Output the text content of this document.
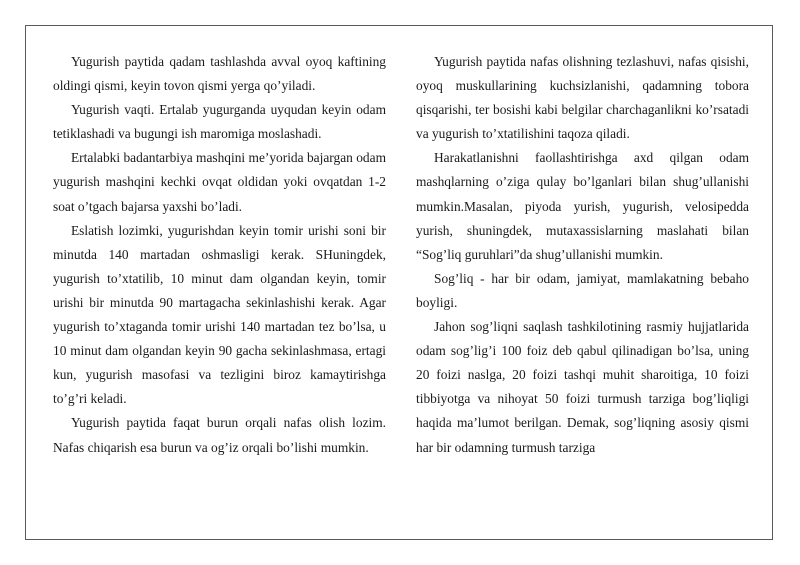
Yugurish paytida qadam tashlashda avval oyoq kaftining oldingi qismi, keyin tovon qismi yerga qo’yiladi.

Yugurish vaqti. Ertalab yugurganda uyqudan keyin odam tetiklashadi va bugungi ish maromiga moslashadi.

Ertalabki badantarbiya mashqini me’yorida bajargan odam yugurish mashqini kechki ovqat oldidan yoki ovqatdan 1-2 soat o’tgach bajarsa yaxshi bo’ladi.

Eslatish lozimki, yugurishdan keyin tomir urishi soni bir minutda 140 martadan oshmasligi kerak. SHuningdek, yugurish to’xtatilib, 10 minut dam olgandan keyin, tomir urishi bir minutda 90 martagacha sekinlashishi kerak. Agar yugurish to’xtaganda tomir urishi 140 martadan tez bo’lsa, u 10 minut dam olgandan keyin 90 gacha sekinlashmasa, ertagi kun, yugurish masofasi va tezligini biroz kamaytirishga to’g’ri keladi.

Yugurish paytida faqat burun orqali nafas olish lozim. Nafas chiqarish esa burun va og’iz orqali bo’lishi mumkin.

Yugurish paytida nafas olishning tezlashuvi, nafas qisishi, oyoq muskullarining kuchsizlanishi, qadamning tobora qisqarishi, ter bosishi kabi belgilar charchaganlikni ko’rsatadi va yugurish to’xtatilishini taqoza qiladi.

Harakatlanishni faollashtirishga axd qilgan odam mashqlarning o’ziga qulay bo’lganlari bilan shug’ullanishi mumkin.Masalan, piyoda yurish, yugurish, velosipedda yurish, shuningdek, mutaxassislarning maslahati bilan “Sog’liq guruhlari”da shug’ullanishi mumkin.

Sog’liq - har bir odam, jamiyat, mamlakatning bebaho boyligi.

Jahon sog’liqni saqlash tashkilotining rasmiy hujjatlarida odam sog’lig’i 100 foiz deb qabul qilinadigan bo’lsa, uning 20 foizi naslga, 20 foizi tashqi muhit sharoitiga, 10 foizi tibbiyotga va nihoyat 50 foizi turmush tarziga bog’liqligi haqida ma’lumot berilgan. Demak, sog’liqning asosiy qismi har bir odamning turmush tarziga
